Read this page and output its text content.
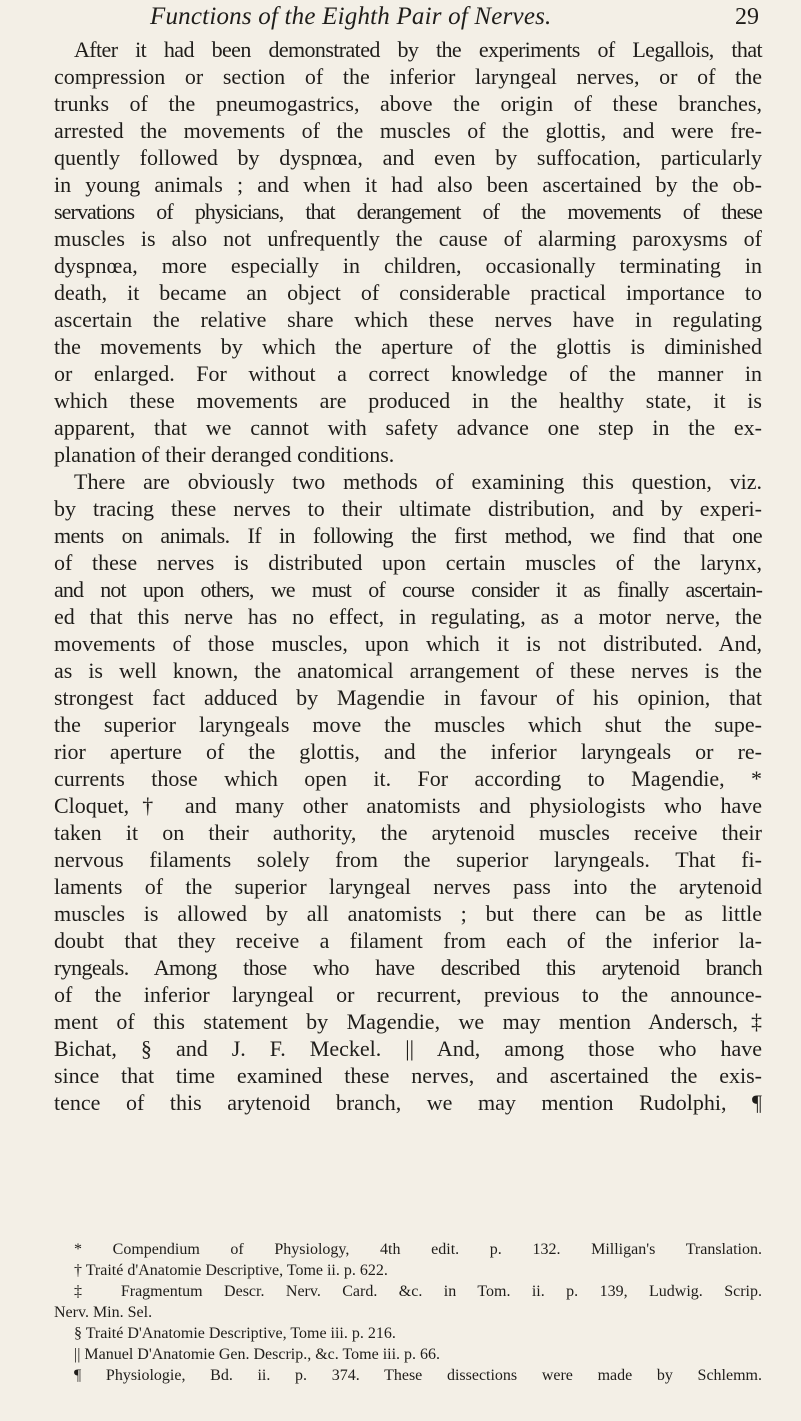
Functions of the Eighth Pair of Nerves.	29
After it had been demonstrated by the experiments of Legallois, that
compression or section of the inferior laryngeal nerves, or of the
trunks of the pneumogastrics, above the origin of these branches,
arrested the movements of the muscles of the glottis, and were fre-
quently followed by dyspnœa, and even by suffocation, particularly
in young animals ; and when it had also been ascertained by the ob-
servations of physicians, that derangement of the movements of these
muscles is also not unfrequently the cause of alarming paroxysms of
dyspnœa, more especially in children, occasionally terminating in
death, it became an object of considerable practical importance to
ascertain the relative share which these nerves have in regulating
the movements by which the aperture of the glottis is diminished
or enlarged. For without a correct knowledge of the manner in
which these movements are produced in the healthy state, it is
apparent, that we cannot with safety advance one step in the ex-
planation of their deranged conditions.
There are obviously two methods of examining this question, viz.
by tracing these nerves to their ultimate distribution, and by experi-
ments on animals. If in following the first method, we find that one
of these nerves is distributed upon certain muscles of the larynx,
and not upon others, we must of course consider it as finally ascertain-
ed that this nerve has no effect, in regulating, as a motor nerve, the
movements of those muscles, upon which it is not distributed. And,
as is well known, the anatomical arrangement of these nerves is the
strongest fact adduced by Magendie in favour of his opinion, that
the superior laryngeals move the muscles which shut the supe-
rior aperture of the glottis, and the inferior laryngeals or re-
currents those which open it. For according to Magendie, *
Cloquet,† and many other anatomists and physiologists who have
taken it on their authority, the arytenoid muscles receive their
nervous filaments solely from the superior laryngeals. That fi-
laments of the superior laryngeal nerves pass into the arytenoid
muscles is allowed by all anatomists ; but there can be as little
doubt that they receive a filament from each of the inferior la-
ryngeals. Among those who have described this arytenoid branch
of the inferior laryngeal or recurrent, previous to the announce-
ment of this statement by Magendie, we may mention Andersch,‡
Bichat, § and J. F. Meckel. || And, among those who have
since that time examined these nerves, and ascertained the exis-
tence of this arytenoid branch, we may mention Rudolphi, ¶
* Compendium of Physiology, 4th edit. p. 132. Milligan's Translation.
† Traité d'Anatomie Descriptive, Tome ii. p. 622.
‡ Fragmentum Descr. Nerv. Card. &c. in Tom. ii. p. 139, Ludwig. Scrip.
Nerv. Min. Sel.
§ Traité D'Anatomie Descriptive, Tome iii. p. 216.
|| Manuel D'Anatomie Gen. Descrip., &c. Tome iii. p. 66.
¶ Physiologie, Bd. ii. p. 374. These dissections were made by Schlemm.
